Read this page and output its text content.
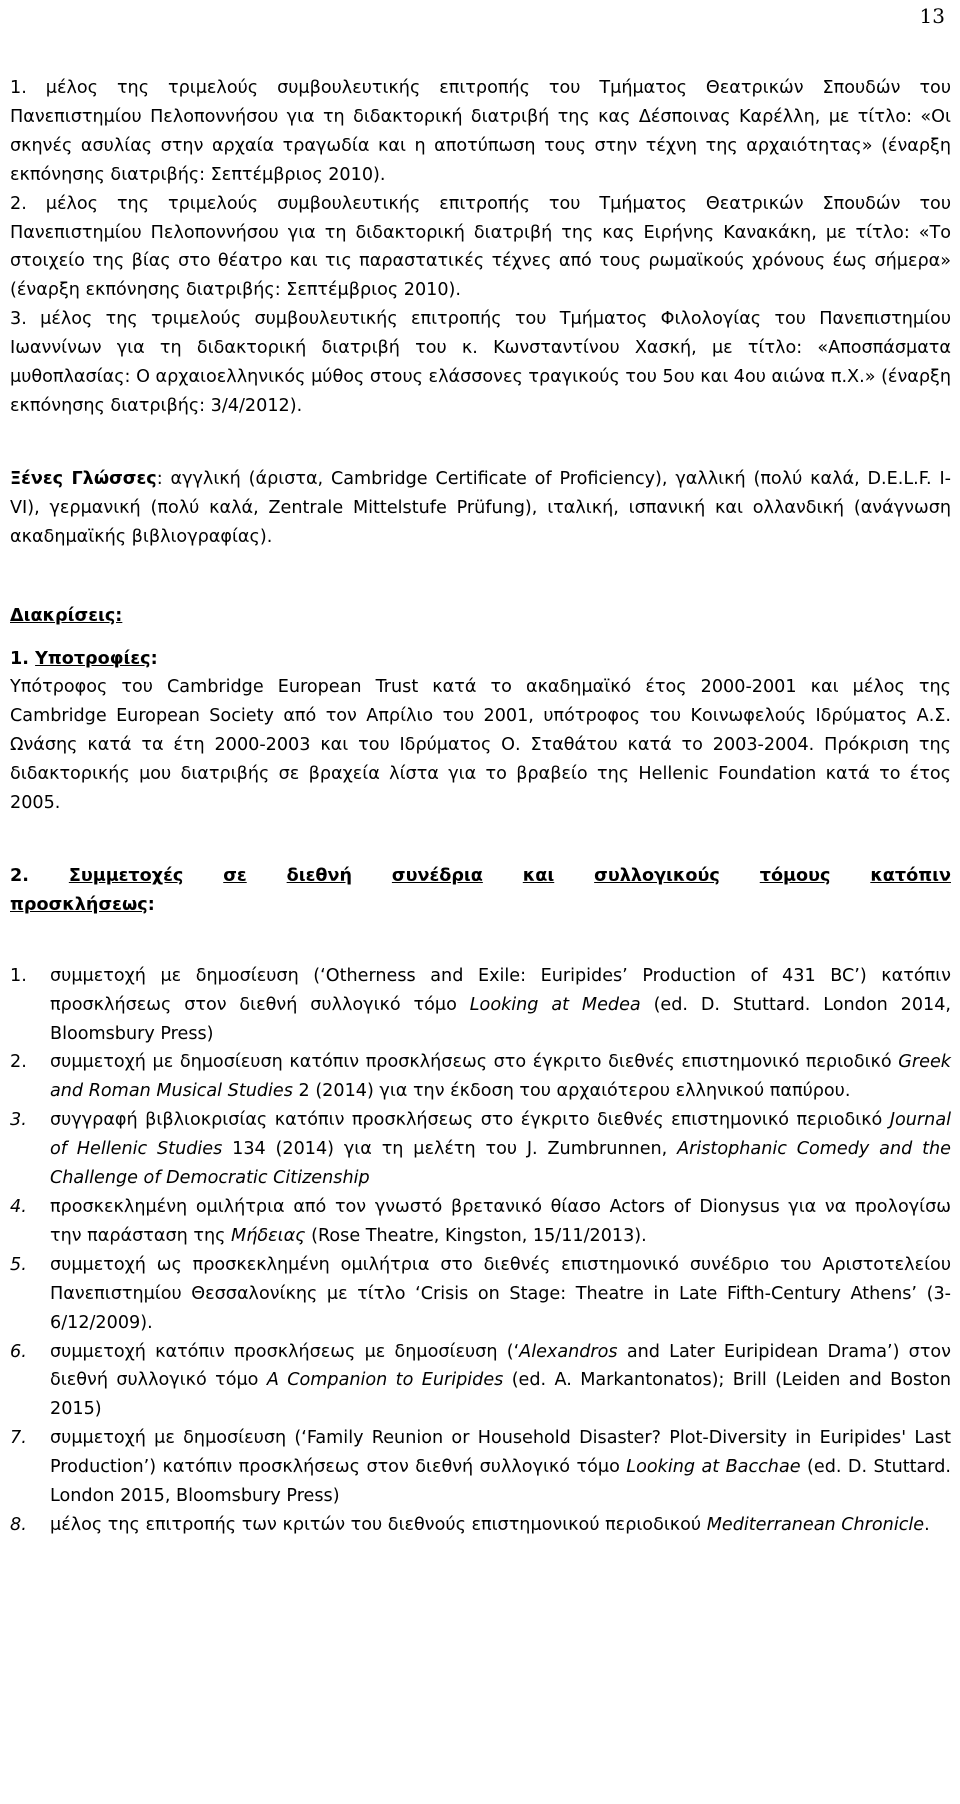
13

1. μέλος της τριμελούς συμβουλευτικής επιτροπής του Τμήματος Θεατρικών Σπουδών του Πανεπιστημίου Πελοποννήσου για τη διδακτορική διατριβή της κας Δέσποινας Καρέλλη, με τίτλο: «Οι σκηνές ασυλίας στην αρχαία τραγωδία και η αποτύπωση τους στην τέχνη της αρχαιότητας» (έναρξη εκπόνησης διατριβής: Σεπτέμβριος 2010).

2. μέλος της τριμελούς συμβουλευτικής επιτροπής του Τμήματος Θεατρικών Σπουδών του Πανεπιστημίου Πελοποννήσου για τη διδακτορική διατριβή της κας Ειρήνης Κανακάκη, με τίτλο: «Το στοιχείο της βίας στο θέατρο και τις παραστατικές τέχνες από τους ρωμαϊκούς χρόνους έως σήμερα» (έναρξη εκπόνησης διατριβής: Σεπτέμβριος 2010).

3. μέλος της τριμελούς συμβουλευτικής επιτροπής του Τμήματος Φιλολογίας του Πανεπιστημίου Ιωαννίνων για τη διδακτορική διατριβή του κ. Κωνσταντίνου Χασκή, με τίτλο: «Αποσπάσματα μυθοπλασίας: Ο αρχαιοελληνικός μύθος στους ελάσσονες τραγικούς του 5ου και 4ου αιώνα π.Χ.» (έναρξη εκπόνησης διατριβής: 3/4/2012).

Ξένες Γλώσσες: αγγλική (άριστα, Cambridge Certificate of Proficiency), γαλλική (πολύ καλά, D.E.L.F. I-VI), γερμανική (πολύ καλά, Zentrale Mittelstufe Prüfung), ιταλική, ισπανική και ολλανδική (ανάγνωση ακαδημαϊκής βιβλιογραφίας).

Διακρίσεις:

1. Υποτροφίες:

Υπότροφος του Cambridge European Trust κατά το ακαδημαϊκό έτος 2000-2001 και μέλος της Cambridge European Society από τον Απρίλιο του 2001, υπότροφος του Κοινωφελούς Ιδρύματος Α.Σ. Ωνάσης κατά τα έτη 2000-2003 και του Ιδρύματος Ο. Σταθάτου κατά το 2003-2004. Πρόκριση της διδακτορικής μου διατριβής σε βραχεία λίστα για το βραβείο της Hellenic Foundation κατά το έτος 2005.

2. Συμμετοχές σε διεθνή συνέδρια και συλλογικούς τόμους κατόπιν

προσκλήσεως:

1. συμμετοχή με δημοσίευση (‘Otherness and Exile: Euripides’ Production of 431 BC’) κατόπιν προσκλήσεως στον διεθνή συλλογικό τόμο Looking at Medea (ed. D. Stuttard. London 2014, Bloomsbury Press)
2. συμμετοχή με δημοσίευση κατόπιν προσκλήσεως στο έγκριτο διεθνές επιστημονικό περιοδικό Greek and Roman Musical Studies 2 (2014) για την έκδοση του αρχαιότερου ελληνικού παπύρου.
3. συγγραφή βιβλιοκρισίας κατόπιν προσκλήσεως στο έγκριτο διεθνές επιστημονικό περιοδικό Journal of Hellenic Studies 134 (2014) για τη μελέτη του J. Zumbrunnen, Aristophanic Comedy and the Challenge of Democratic Citizenship
4. προσκεκλημένη ομιλήτρια από τον γνωστό βρετανικό θίασο Actors of Dionysus για να προλογίσω την παράσταση της Μήδειας (Rose Theatre, Kingston, 15/11/2013).
5. συμμετοχή ως προσκεκλημένη ομιλήτρια στο διεθνές επιστημονικό συνέδριο του Αριστοτελείου Πανεπιστημίου Θεσσαλονίκης με τίτλο ‘Crisis on Stage: Theatre in Late Fifth-Century Athens’ (3-6/12/2009).
6. συμμετοχή κατόπιν προσκλήσεως με δημοσίευση (‘Alexandros and Later Euripidean Drama’) στον διεθνή συλλογικό τόμο A Companion to Euripides (ed. A. Markantonatos); Brill (Leiden and Boston 2015)
7. συμμετοχή με δημοσίευση (‘Family Reunion or Household Disaster? Plot-Diversity in Euripides' Last Production’) κατόπιν προσκλήσεως στον διεθνή συλλογικό τόμο Looking at Bacchae (ed. D. Stuttard. London 2015, Bloomsbury Press)
8. μέλος της επιτροπής των κριτών του διεθνούς επιστημονικού περιοδικού Mediterranean Chronicle.
